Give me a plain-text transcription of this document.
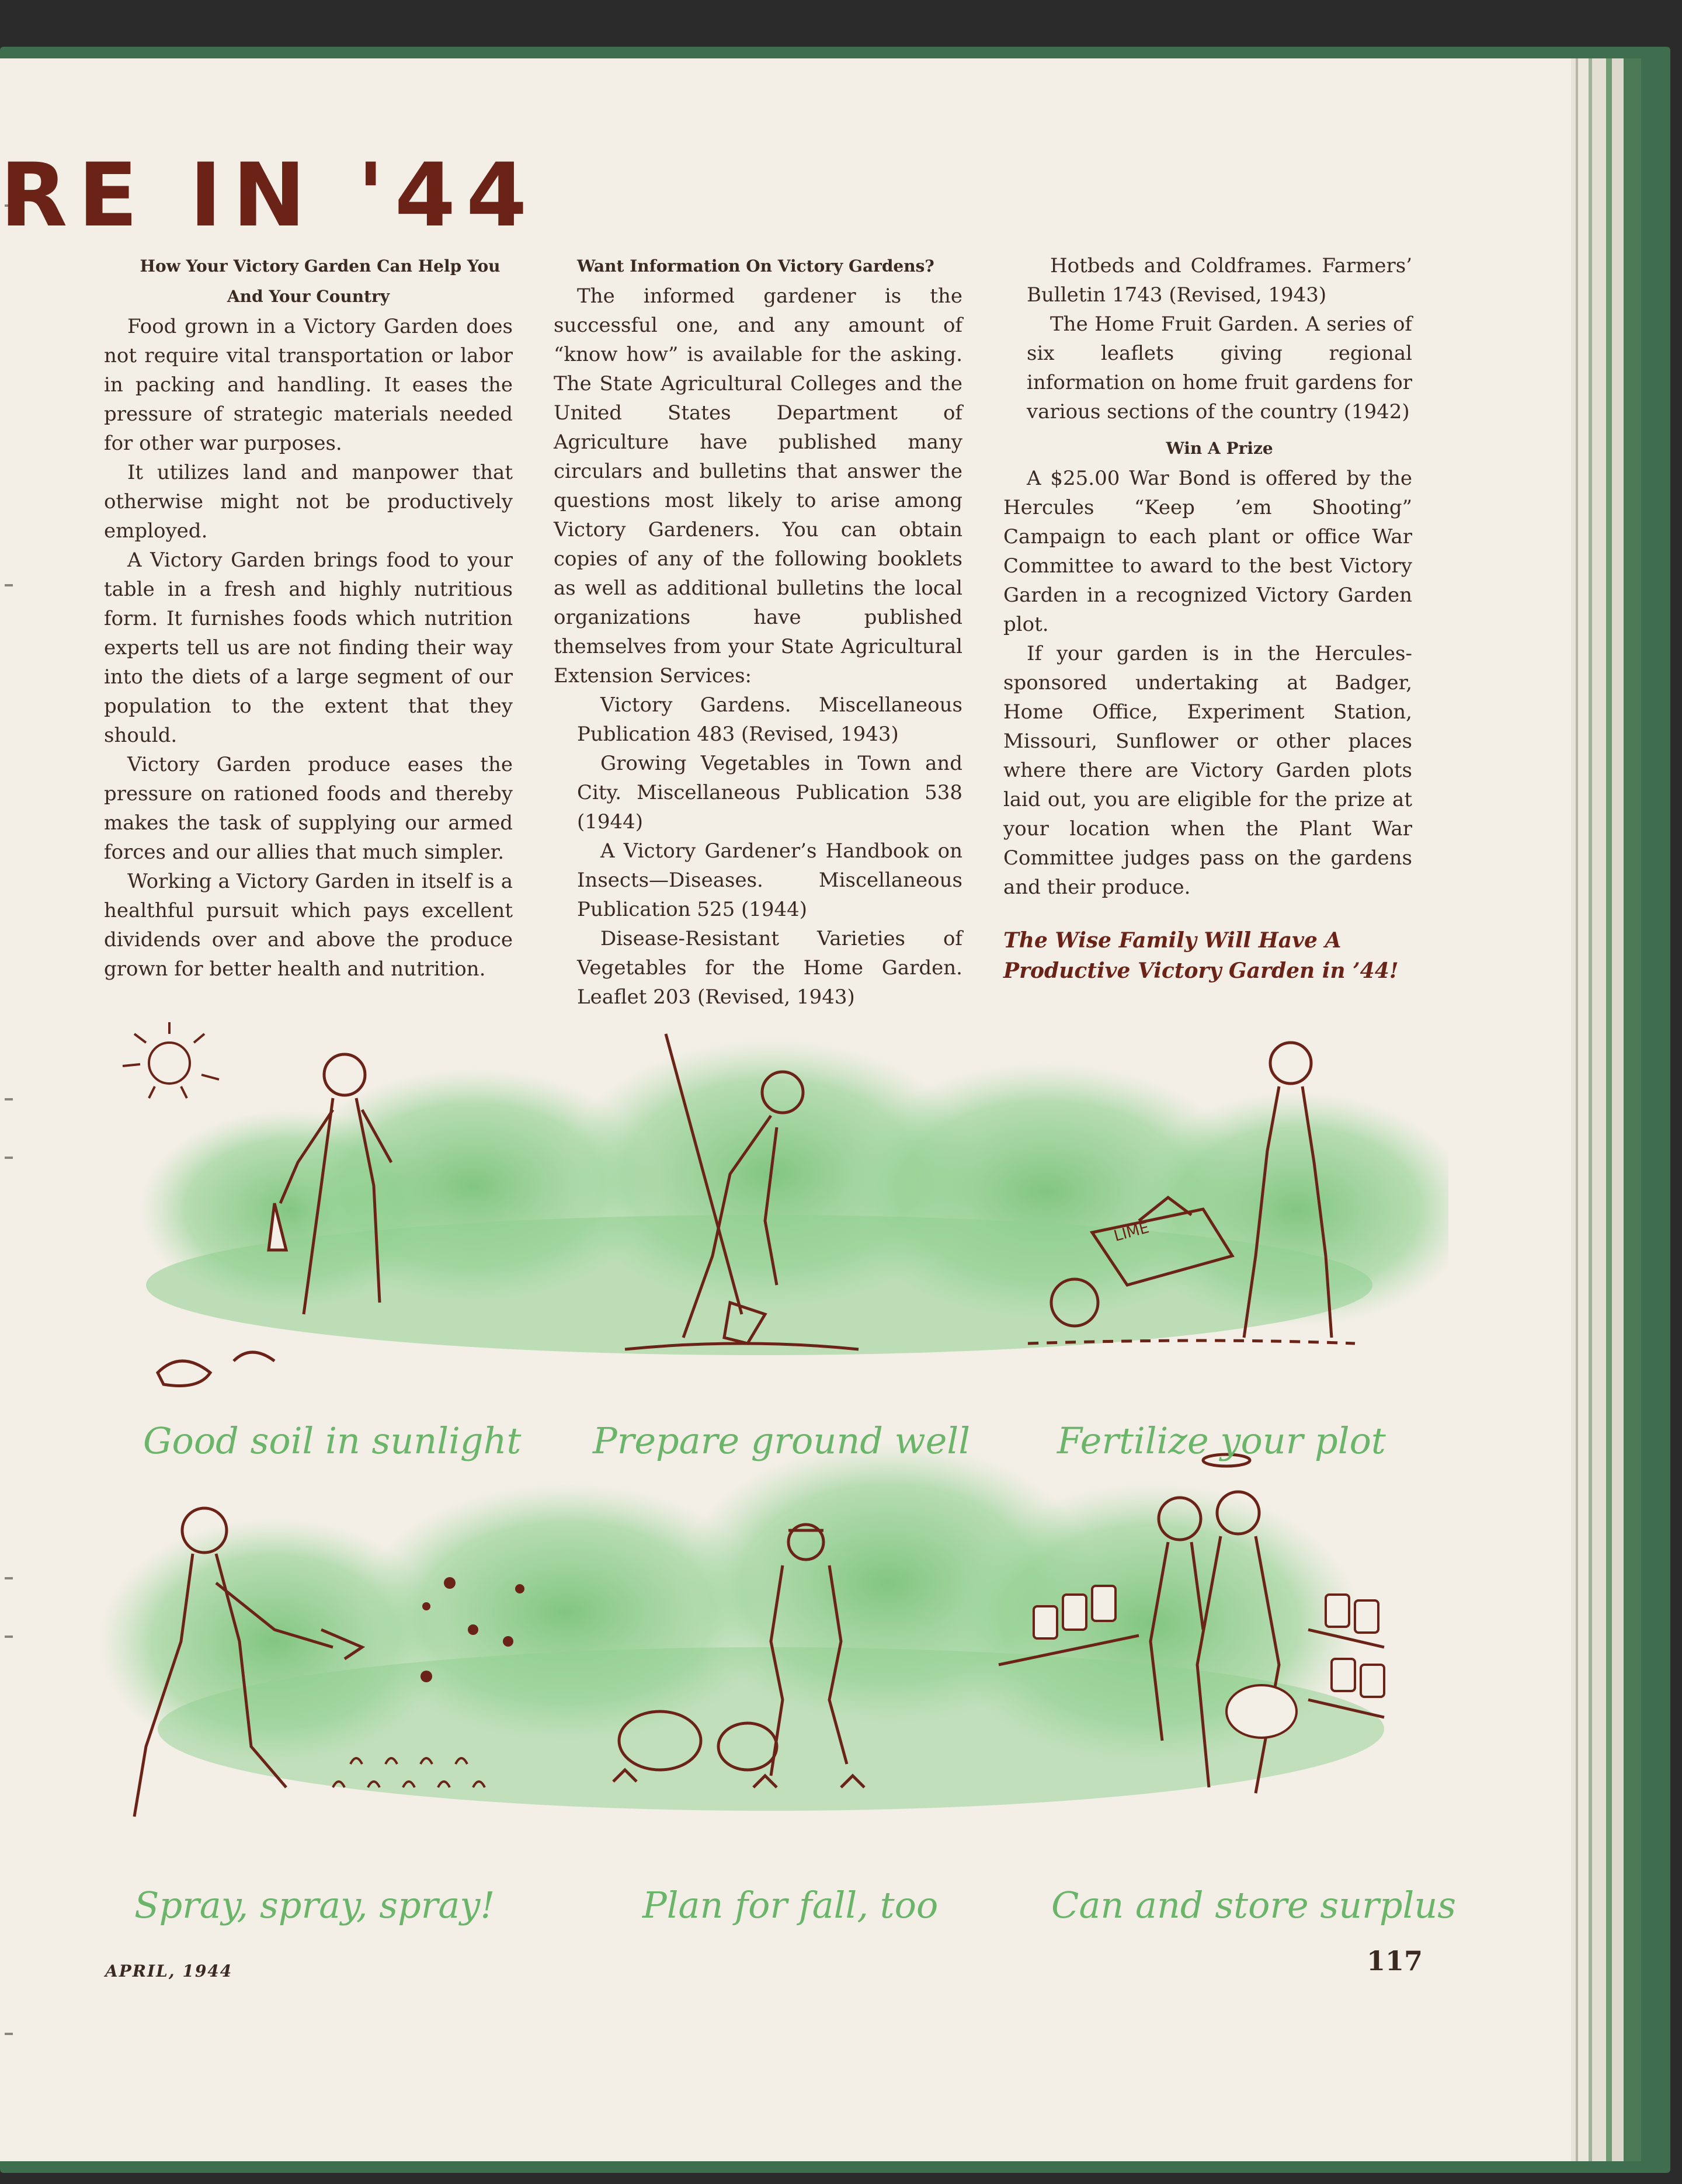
RE IN '44

How Your Victory Garden Can Help You And Your Country

Food grown in a Victory Garden does not require vital transportation or labor in packing and handling. It eases the pressure of strategic materials needed for other war purposes.

It utilizes land and manpower that otherwise might not be productively employed.

A Victory Garden brings food to your table in a fresh and highly nutritious form. It furnishes foods which nutrition experts tell us are not finding their way into the diets of a large segment of our population to the extent that they should.

Victory Garden produce eases the pressure on rationed foods and thereby makes the task of supplying our armed forces and our allies that much simpler.

Working a Victory Garden in itself is a healthful pursuit which pays excellent dividends over and above the produce grown for better health and nutrition.

Want Information On Victory Gardens?

The informed gardener is the successful one, and any amount of “know how” is available for the asking. The State Agricultural Colleges and the United States Department of Agriculture have published many circulars and bulletins that answer the questions most likely to arise among Victory Gardeners. You can obtain copies of any of the following booklets as well as additional bulletins the local organizations have published themselves from your State Agricultural Extension Services:

Victory Gardens. Miscellaneous Publication 483 (Revised, 1943)

Growing Vegetables in Town and City. Miscellaneous Publication 538 (1944)

A Victory Gardener’s Handbook on Insects—Diseases. Miscellaneous Publication 525 (1944)

Disease-Resistant Varieties of Vegetables for the Home Garden. Leaflet 203 (Revised, 1943)

Hotbeds and Coldframes. Farmers’ Bulletin 1743 (Revised, 1943)

The Home Fruit Garden. A series of six leaflets giving regional information on home fruit gardens for various sections of the country (1942)

Win A Prize

A $25.00 War Bond is offered by the Hercules “Keep ’em Shooting” Campaign to each plant or office War Committee to award to the best Victory Garden in a recognized Victory Garden plot.

If your garden is in the Hercules-sponsored undertaking at Badger, Home Office, Experiment Station, Missouri, Sunflower or other places where there are Victory Garden plots laid out, you are eligible for the prize at your location when the Plant War Committee judges pass on the gardens and their produce.

The Wise Family Will Have A Productive Victory Garden in ’44!
LIME
Good soil in sunlight Prepare ground well Fertilize your plot
Spray, spray, spray!	Plan for fall, too	Can and store surplus
APRIL, 1944	117
